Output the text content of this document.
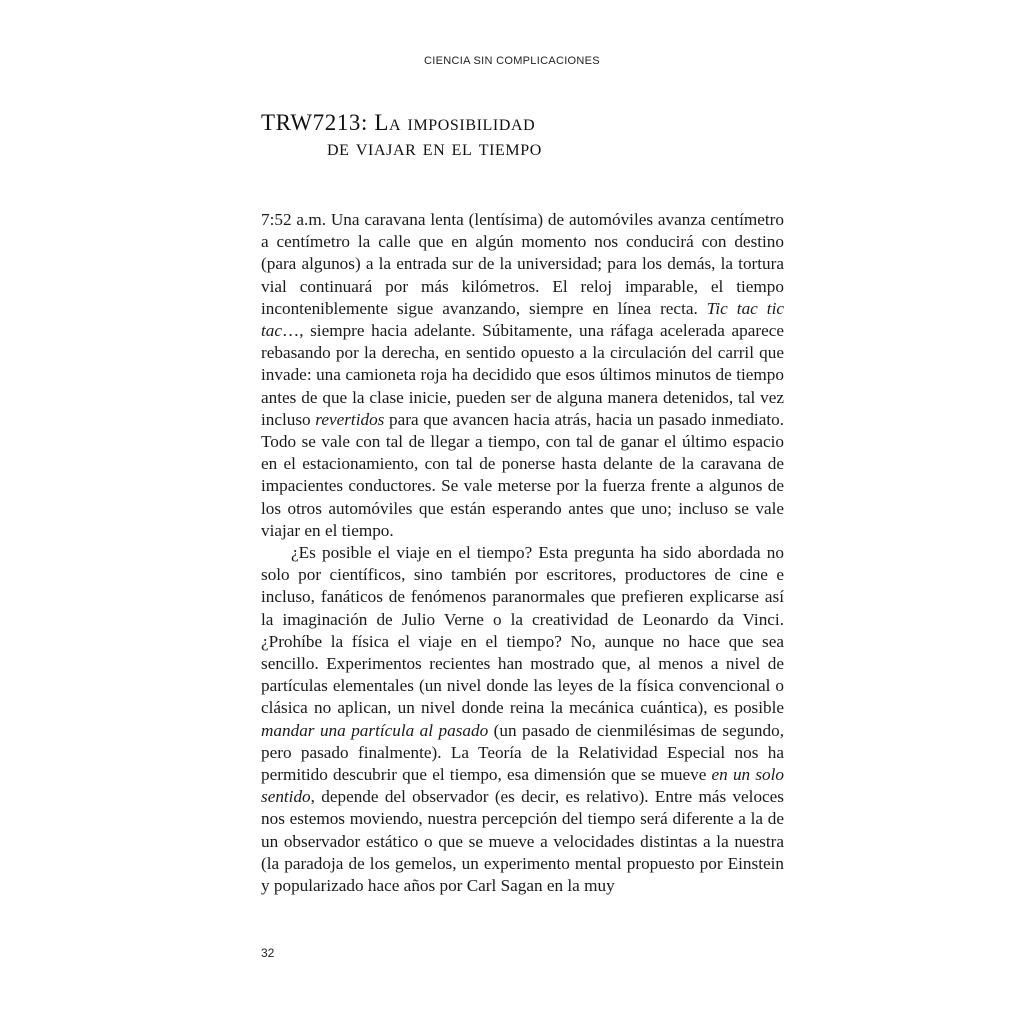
CIENCIA SIN COMPLICACIONES
TRW7213: La imposibilidad
de viajar en el tiempo

7:52 a.m. Una caravana lenta (lentísima) de automóviles avanza centímetro a centímetro la calle que en algún momento nos conducirá con destino (para algunos) a la entrada sur de la universidad; para los demás, la tortura vial continuará por más kilómetros. El reloj imparable, el tiempo inconteniblemente sigue avanzando, siempre en línea recta. Tic tac tic tac…, siempre hacia adelante. Súbitamente, una ráfaga acelerada aparece rebasando por la derecha, en sentido opuesto a la circulación del carril que invade: una camioneta roja ha decidido que esos últimos minutos de tiempo antes de que la clase inicie, pueden ser de alguna manera detenidos, tal vez incluso revertidos para que avancen hacia atrás, hacia un pasado inmediato. Todo se vale con tal de llegar a tiempo, con tal de ganar el último espacio en el estacionamiento, con tal de ponerse hasta delante de la caravana de impacientes conductores. Se vale meterse por la fuerza frente a algunos de los otros automóviles que están esperando antes que uno; incluso se vale viajar en el tiempo.

¿Es posible el viaje en el tiempo? Esta pregunta ha sido abordada no solo por científicos, sino también por escritores, productores de cine e incluso, fanáticos de fenómenos paranormales que prefieren explicarse así la imaginación de Julio Verne o la creatividad de Leonardo da Vinci. ¿Prohíbe la física el viaje en el tiempo? No, aunque no hace que sea sencillo. Experimentos recientes han mostrado que, al menos a nivel de partículas elementales (un nivel donde las leyes de la física convencional o clásica no aplican, un nivel donde reina la mecánica cuántica), es posible mandar una partícula al pasado (un pasado de cienmilésimas de segundo, pero pasado finalmente). La Teoría de la Relatividad Especial nos ha permitido descubrir que el tiempo, esa dimensión que se mueve en un solo sentido, depende del observador (es decir, es relativo). Entre más veloces nos estemos moviendo, nuestra percepción del tiempo será diferente a la de un observador estático o que se mueve a velocidades distintas a la nuestra (la paradoja de los gemelos, un experimento mental propuesto por Einstein y popularizado hace años por Carl Sagan en la muy

32
